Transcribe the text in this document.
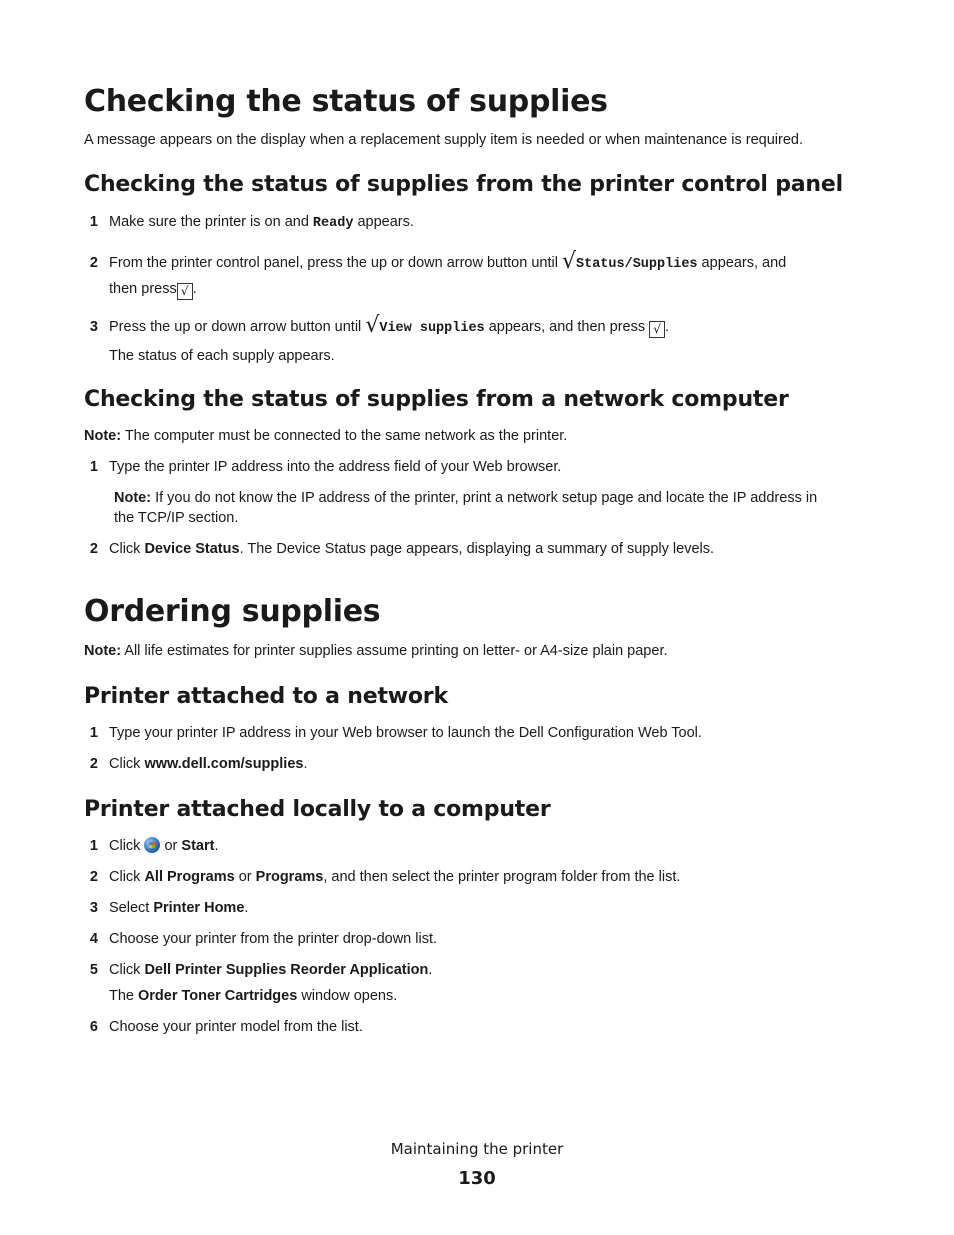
Checking the status of supplies

A message appears on the display when a replacement supply item is needed or when maintenance is required.

Checking the status of supplies from the printer control panel
1 Make sure the printer is on and Ready appears.
2 From the printer control panel, press the up or down arrow button until √Status/Supplies appears, and
then press√ .
3 Press the up or down arrow button until √View supplies appears, and then press √ .
The status of each supply appears.
Checking the status of supplies from a network computer

Note: The computer must be connected to the same network as the printer.

1 Type the printer IP address into the address field of your Web browser.
Note: If you do not know the IP address of the printer, print a network setup page and locate the IP address in
the TCP/IP section.
2 Click Device Status. The Device Status page appears, displaying a summary of supply levels.
Ordering supplies

Note: All life estimates for printer supplies assume printing on letter- or A4-size plain paper.

Printer attached to a network
1 Type your printer IP address in your Web browser to launch the Dell Configuration Web Tool.
2 Click www.dell.com/supplies.
Printer attached locally to a computer
1 Click  or Start.
2 Click All Programs or Programs, and then select the printer program folder from the list.
3 Select Printer Home.
4 Choose your printer from the printer drop-down list.
5 Click Dell Printer Supplies Reorder Application.
The Order Toner Cartridges window opens.
6 Choose your printer model from the list.
Maintaining the printer
130
